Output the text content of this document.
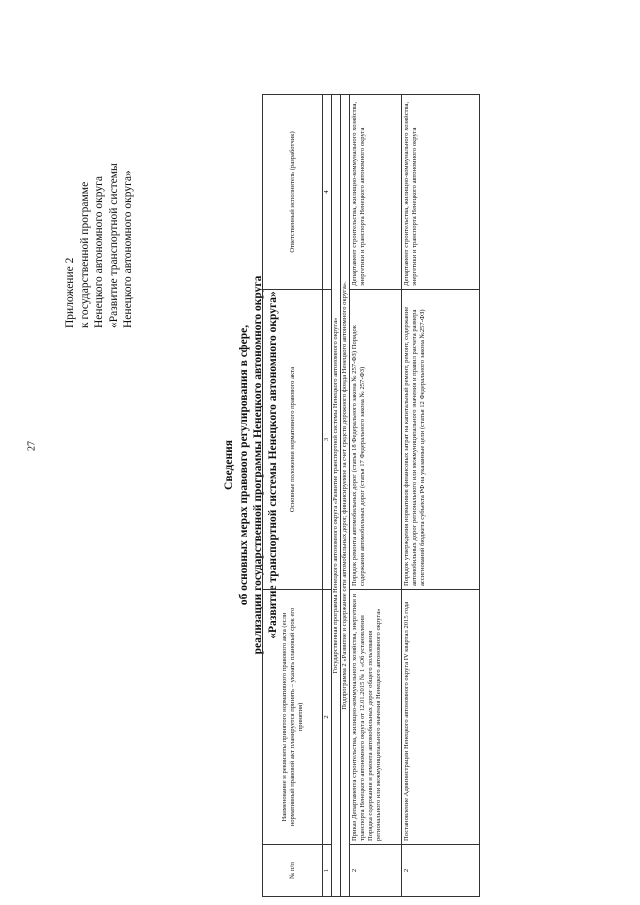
27
Приложение 2 к государственной программе Ненецкого автономного округа «Развитие транспортной системы Ненецкого автономного округа»
Сведения об основных мерах правового регулирования в сфере, реализации государственной программы Ненецкого автономного округа «Развитие транспортной системы Ненецкого автономного округа»
№ п/п	Наименование и реквизиты принятого нормативного правового акта (если нормативный правовой акт планируется принять – указать плановый срок его принятия)	Основные положения нормативного правового акта	Ответственный исполнитель (разработчик)
1	2	3	4
Государственная программа Ненецкого автономного округа «Развитие транспортной системы Ненецкого автономного округа»			
Подпрограмма 2 «Развитие и содержание сети автомобильных дорог, финансируемое за счет средств дорожного фонда Ненецкого автономного округа».			
2	Приказ Департамента строительства, жилищно-коммунального хозяйства, энергетики и транспорта Ненецкого автономного округа от 12.01.2015 № 1 «Об установлении Порядка содержания и ремонта автомобильных дорог общего пользования регионального или межмуниципального значения Ненецкого автономного округа»	Порядок ремонта автомобильных дорог (статья 18 Федерального закона № 257-ФЗ) Порядок содержания автомобильных дорог (статья 17 Федерального закона № 257-ФЗ)	Департамент строительства, жилищно-коммунального хозяйства, энергетики и транспорта Ненецкого автономного округа
2	Постановление Администрации Ненецкого автономного округа IV квартал 2015 года	Порядок утверждения нормативов финансовых затрат на капитальный ремонт, ремонт, содержание автомобильных дорог регионального или межмуниципального значения и правил расчета размера ассигнований бюджета субъекта РФ на указанные цели (статья 12 Федерального закона №257-ФЗ)	Департамент строительства, жилищно-коммунального хозяйства, энергетики и транспорта Ненецкого автономного округа
